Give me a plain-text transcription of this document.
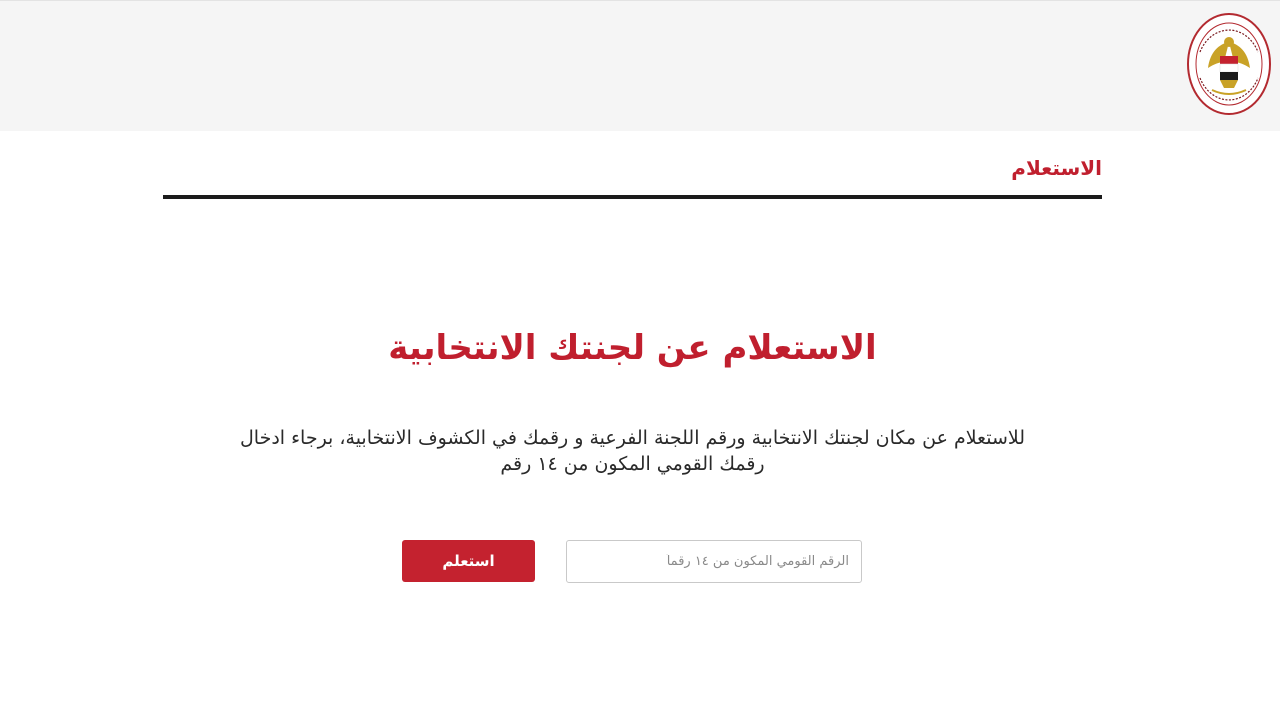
الاستعلام
الاستعلام عن لجنتك الانتخابية
للاستعلام عن مكان لجنتك الانتخابية ورقم اللجنة الفرعية و رقمك في الكشوف الانتخابية، برجاء ادخال
رقمك القومي المكون من ١٤ رقم
الرقم القومي المكون من ١٤ رقماً
استعلم
